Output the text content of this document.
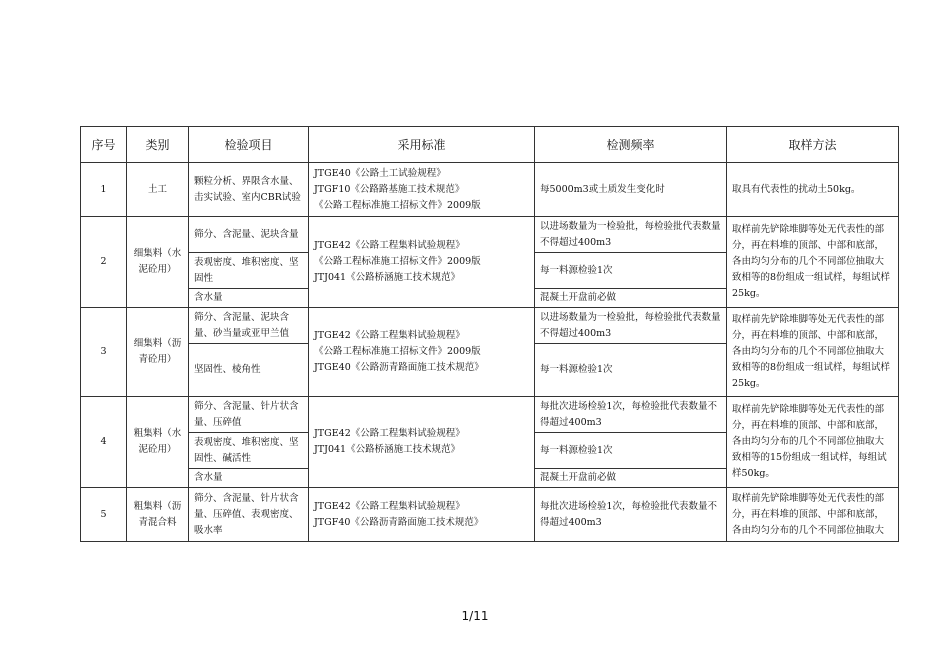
序号	类别	检验项目	采用标准	检测频率	取样方法
1	土工	颗粒分析、界限含水量、击实试验、室内CBR试验	JTGE40《公路土工试验规程》
JTGF10《公路路基施工技术规范》
《公路工程标准施工招标文件》2009版	每5000m3或土质发生变化时	取具有代表性的扰动土50kg。
2	细集料（水泥砼用）	筛分、含泥量、泥块含量	JTGE42《公路工程集料试验规程》
《公路工程标准施工招标文件》2009版
JTJ041《公路桥涵施工技术规范》	以进场数量为一检验批，每检验批代表数量不得超过400m3	取样前先铲除堆脚等处无代表性的部分，再在料堆的顶部、中部和底部，各由均匀分布的几个不同部位抽取大致相等的8份组成一组试样，每组试样25kg。
		表观密度、堆积密度、坚固性		每一料源检验1次	
		含水量		混凝土开盘前必做	
3	细集料（沥青砼用）	筛分、含泥量、泥块含量、砂当量或亚甲兰值	JTGE42《公路工程集料试验规程》
《公路工程标准施工招标文件》2009版
JTGE40《公路沥青路面施工技术规范》	以进场数量为一检验批，每检验批代表数量不得超过400m3	取样前先铲除堆脚等处无代表性的部分，再在料堆的顶部、中部和底部，各由均匀分布的几个不同部位抽取大致相等的8份组成一组试样，每组试样25kg。
		坚固性、棱角性		每一料源检验1次	
4	粗集料（水泥砼用）	筛分、含泥量、针片状含量、压碎值	JTGE42《公路工程集料试验规程》
JTJ041《公路桥涵施工技术规范》	每批次进场检验1次，每检验批代表数量不得超过400m3	取样前先铲除堆脚等处无代表性的部分，再在料堆的顶部、中部和底部，各由均匀分布的几个不同部位抽取大致相等的15份组成一组试样，每组试样50kg。
		表观密度、堆积密度、坚固性、碱活性		每一料源检验1次	
		含水量		混凝土开盘前必做	
5	粗集料（沥青混合料	筛分、含泥量、针片状含量、压碎值、表观密度、吸水率	JTGE42《公路工程集料试验规程》
JTGF40《公路沥青路面施工技术规范》	每批次进场检验1次，每检验批代表数量不得超过400m3	取样前先铲除堆脚等处无代表性的部分，再在料堆的顶部、中部和底部，各由均匀分布的几个不同部位抽取大
1/11
